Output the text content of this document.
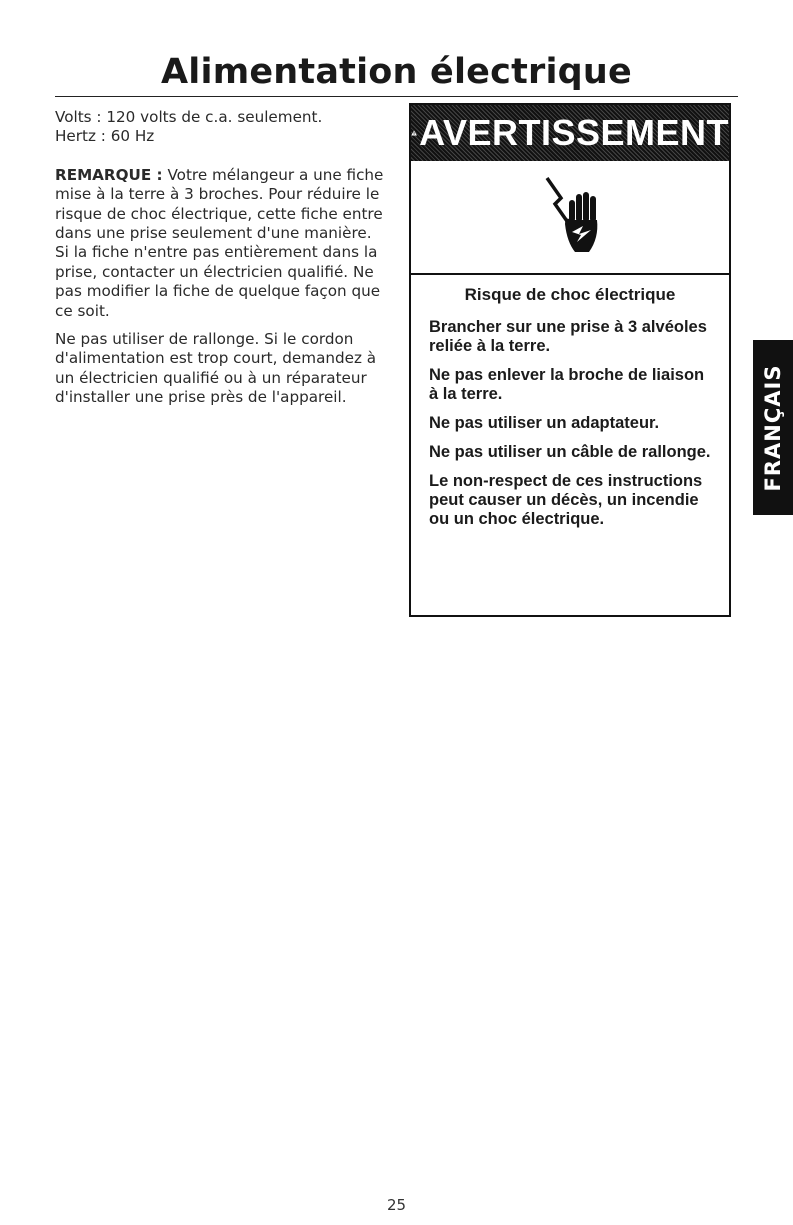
Alimentation électrique

Volts : 120 volts de c.a. seulement.
Hertz : 60 Hz

REMARQUE : Votre mélangeur a une fiche mise à la terre à 3 broches. Pour réduire le risque de choc électrique, cette fiche entre dans une prise seulement d'une manière. Si la fiche n'entre pas entièrement dans la prise, contacter un électricien qualifié. Ne pas modifier la fiche de quelque façon que ce soit.

Ne pas utiliser de rallonge. Si le cordon d'alimentation est trop court, demandez à un électricien qualifié ou à un réparateur d'installer une prise près de l'appareil.

AVERTISSEMENT

Risque de choc électrique

Brancher sur une prise à 3 alvéoles reliée à la terre.

Ne pas enlever la broche de liaison à la terre.

Ne pas utiliser un adaptateur.

Ne pas utiliser un câble de rallonge.

Le non-respect de ces instructions peut causer un décès, un incendie ou un choc électrique.

FRANÇAIS
25
